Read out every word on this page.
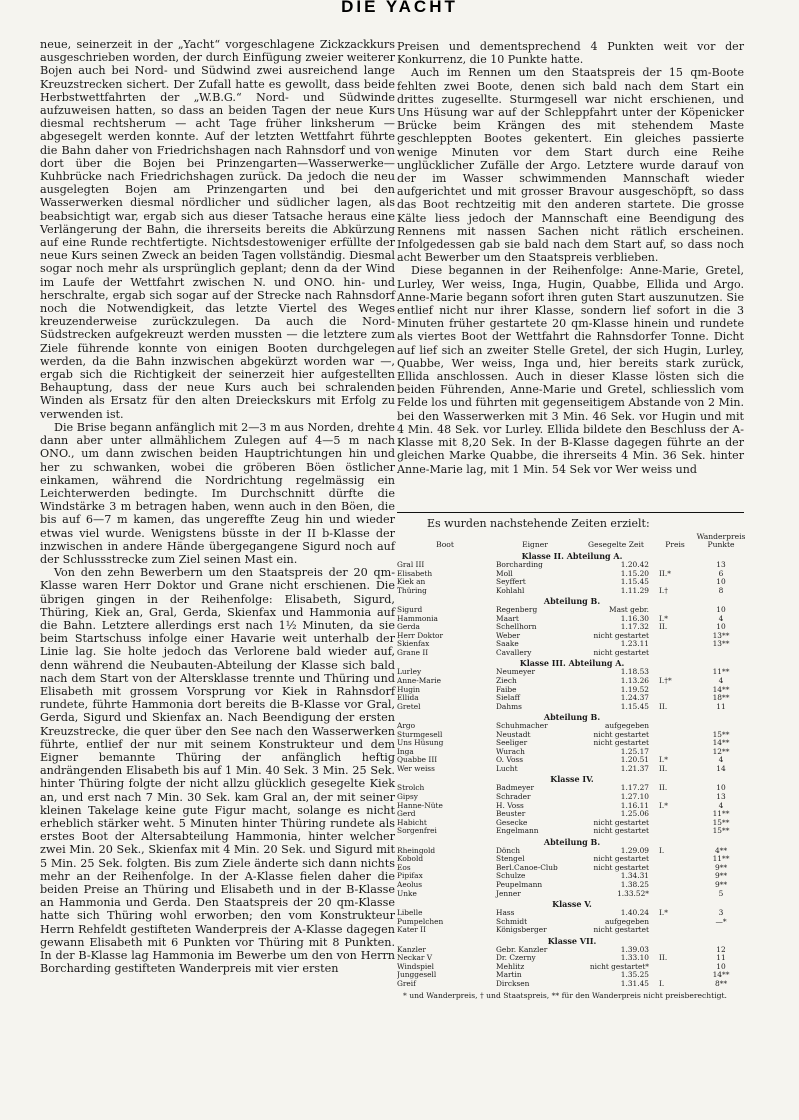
DIE YACHT

neue, seinerzeit in der „Yacht“ vorgeschlagene Zickzackkurs ausgeschrieben worden, der durch Einfügung zweier weiterer Bojen auch bei Nord- und Südwind zwei ausreichend lange Kreuzstrecken sichert. Der Zufall hatte es gewollt, dass beide Herbstwettfahrten der „W.B.G.“ Nord- und Südwinde aufzuweisen hatten, so dass an beiden Tagen der neue Kurs diesmal rechtsherum — acht Tage früher linksherum — abgesegelt werden konnte. Auf der letzten Wettfahrt führte die Bahn daher von Friedrichshagen nach Rahnsdorf und von dort über die Bojen bei Prinzengarten—Wasserwerke—Kuhbrücke nach Friedrichshagen zurück. Da jedoch die neu ausgelegten Bojen am Prinzengarten und bei den Wasserwerken diesmal nördlicher und südlicher lagen, als beabsichtigt war, ergab sich aus dieser Tatsache heraus eine Verlängerung der Bahn, die ihrerseits bereits die Abkürzung auf eine Runde rechtfertigte. Nichtsdestoweniger erfüllte der neue Kurs seinen Zweck an beiden Tagen vollständig. Diesmal sogar noch mehr als ursprünglich geplant; denn da der Wind im Laufe der Wettfahrt zwischen N. und ONO. hin- und herschralte, ergab sich sogar auf der Strecke nach Rahnsdorf noch die Notwendigkeit, das letzte Viertel des Weges kreuzenderweise zurückzulegen. Da auch die Nord-Südstrecken aufgekreuzt werden mussten — die letztere zum Ziele führende konnte von einigen Booten durchgelegen werden, da die Bahn inzwischen abgekürzt worden war —, ergab sich die Richtigkeit der seinerzeit hier aufgestellten Behauptung, dass der neue Kurs auch bei schralenden Winden als Ersatz für den alten Dreieckskurs mit Erfolg zu verwenden ist.

Die Brise begann anfänglich mit 2—3 m aus Norden, drehte dann aber unter allmählichem Zulegen auf 4—5 m nach ONO., um dann zwischen beiden Hauptrichtungen hin und her zu schwanken, wobei die gröberen Böen östlicher einkamen, während die Nordrichtung regelmässig ein Leichterwerden bedingte. Im Durchschnitt dürfte die Windstärke 3 m betragen haben, wenn auch in den Böen, die bis auf 6—7 m kamen, das ungereffte Zeug hin und wieder etwas viel wurde. Wenigstens büsste in der II b-Klasse der inzwischen in andere Hände übergegangene Sigurd noch auf der Schlussstrecke zum Ziel seinen Mast ein.

Von den zehn Bewerbern um den Staatspreis der 20 qm-Klasse waren Herr Doktor und Grane nicht erschienen. Die übrigen gingen in der Reihenfolge: Elisabeth, Sigurd, Thüring, Kiek an, Gral, Gerda, Skienfax und Hammonia auf die Bahn. Letztere allerdings erst nach 1½ Minuten, da sie beim Startschuss infolge einer Havarie weit unterhalb der Linie lag. Sie holte jedoch das Verlorene bald wieder auf, denn während die Neubauten-Abteilung der Klasse sich bald nach dem Start von der Altersklasse trennte und Thüring und Elisabeth mit grossem Vorsprung vor Kiek in Rahnsdorf rundete, führte Hammonia dort bereits die B-Klasse vor Gral, Gerda, Sigurd und Skienfax an. Nach Beendigung der ersten Kreuzstrecke, die quer über den See nach den Wasserwerken führte, entlief der nur mit seinem Konstrukteur und dem Eigner bemannte Thüring der anfänglich heftig andrängenden Elisabeth bis auf 1 Min. 40 Sek. 3 Min. 25 Sek. hinter Thüring folgte der nicht allzu glücklich gesegelte Kiek an, und erst nach 7 Min. 30 Sek. kam Gral an, der mit seiner kleinen Takelage keine gute Figur macht, solange es nicht erheblich stärker weht. 5 Minuten hinter Thüring rundete als erstes Boot der Altersabteilung Hammonia, hinter welcher zwei Min. 20 Sek., Skienfax mit 4 Min. 20 Sek. und Sigurd mit 5 Min. 25 Sek. folgten. Bis zum Ziele änderte sich dann nichts mehr an der Reihenfolge. In der A-Klasse fielen daher die beiden Preise an Thüring und Elisabeth und in der B-Klasse an Hammonia und Gerda. Den Staatspreis der 20 qm-Klasse hatte sich Thüring wohl erworben; den vom Konstrukteur Herrn Rehfeldt gestifteten Wanderpreis der A-Klasse dagegen gewann Elisabeth mit 6 Punkten vor Thüring mit 8 Punkten. In der B-Klasse lag Hammonia im Bewerbe um den von Herrn Borcharding gestifteten Wanderpreis mit vier ersten

Preisen und dementsprechend 4 Punkten weit vor der Konkurrenz, die 10 Punkte hatte.

Auch im Rennen um den Staatspreis der 15 qm-Boote fehlten zwei Boote, denen sich bald nach dem Start ein drittes zugesellte. Sturmgesell war nicht erschienen, und Uns Hüsung war auf der Schleppfahrt unter der Köpenicker Brücke beim Krängen des mit stehendem Maste geschleppten Bootes gekentert. Ein gleiches passierte wenige Minuten vor dem Start durch eine Reihe unglücklicher Zufälle der Argo. Letztere wurde darauf von der im Wasser schwimmenden Mannschaft wieder aufgerichtet und mit grosser Bravour ausgeschöpft, so dass das Boot rechtzeitig mit den anderen startete. Die grosse Kälte liess jedoch der Mannschaft eine Beendigung des Rennens mit nassen Sachen nicht rätlich erscheinen. Infolgedessen gab sie bald nach dem Start auf, so dass noch acht Bewerber um den Staatspreis verblieben.

Diese begannen in der Reihenfolge: Anne-Marie, Gretel, Lurley, Wer weiss, Inga, Hugin, Quabbe, Ellida und Argo. Anne-Marie begann sofort ihren guten Start auszunutzen. Sie entlief nicht nur ihrer Klasse, sondern lief sofort in die 3 Minuten früher gestartete 20 qm-Klasse hinein und rundete als viertes Boot der Wettfahrt die Rahnsdorfer Tonne. Dicht auf lief sich an zweiter Stelle Gretel, der sich Hugin, Lurley, Quabbe, Wer weiss, Inga und, hier bereits stark zurück, Ellida anschlossen. Auch in dieser Klasse lösten sich die beiden Führenden, Anne-Marie und Gretel, schliesslich vom Felde los und führten mit gegenseitigem Abstande von 2 Min. bei den Wasserwerken mit 3 Min. 46 Sek. vor Hugin und mit 4 Min. 48 Sek. vor Lurley. Ellida bildete den Beschluss der A-Klasse mit 8,20 Sek. In der B-Klasse dagegen führte an der gleichen Marke Quabbe, die ihrerseits 4 Min. 36 Sek. hinter Anne-Marie lag, mit 1 Min. 54 Sek vor Wer weiss und

Es wurden nachstehende Zeiten erzielt:

Boot	Eigner	Gesegelte Zeit	Preis	Wanderpreis Punkte
Klasse II. Abteilung A.				
Gral III	Borcharding	1.20.42		13
Elisabeth	Moll	1.15.20	II.*	6
Kiek an	Seyffert	1.15.45		10
Thüring	Kohlahl	1.11.29	I.†	8
Abteilung B.				
Sigurd	Regenberg	Mast gebr.		10
Hammonia	Maart	1.16.30	I.*	4
Gerda	Schellhorn	1.17.32	II.	10
Herr Doktor	Weber	nicht gestartet		13**
Skienfax	Saake	1.23.11		13**
Grane II	Cavallery	nicht gestartet		
Klasse III. Abteilung A.				
Lurley	Neumeyer	1.18.53		11**
Anne-Marie	Ziech	1.13.26	I.†*	4
Hugin	Faibe	1.19.52		14**
Ellida	Sielaff	1.24.37		18**
Gretel	Dahms	1.15.45	II.	11
Abteilung B.				
Argo	Schuhmacher	aufgegeben		
Sturmgesell	Neustadt	nicht gestartet		15**
Uns Hüsung	Seeliger	nicht gestartet		14**
Inga	Wurach	1.25.17		12**
Quabbe III	O. Voss	1.20.51	I.*	4
Wer weiss	Lucht	1.21.37	II.	14
Klasse IV.				
Strolch	Badmeyer	1.17.27	II.	10
Gipsy	Schrader	1.27.10		13
Hanne-Nüte	H. Voss	1.16.11	I.*	4
Gerd	Beuster	1.25.06		11**
Habicht	Gesecke	nicht gestartet		15**
Sorgenfrei	Engelmann	nicht gestartet		15**
Abteilung B.				
Rheingold	Dönch	1.29.09	I.	4**
Kobold	Stengel	nicht gestartet		11**
Eos	Berl.Canoe-Club	nicht gestartet		9**
Pipifax	Schulze	1.34.31		9**
Aeolus	Peupelmann	1.38.25		9**
Unke	Jenner	1.33.52*		5
Klasse V.				
Libelle	Hass	1.40.24	I.*	3
Pumpelchen	Schmidt	aufgegeben		—*
Kater II	Königsberger	nicht gestartet		
Klasse VII.				
Kanzler	Gebr. Kanzler	1.39.03		12
Neckar V	Dr. Czerny	1.33.10	II.	11
Windspiel	Mehlitz	nicht gestartet*		10
Junggesell	Martin	1.35.25		14**
Greif	Dircksen	1.31.45	I.	8**

* und Wanderpreis, † und Staatspreis, ** für den Wanderpreis nicht preisberechtigt.
